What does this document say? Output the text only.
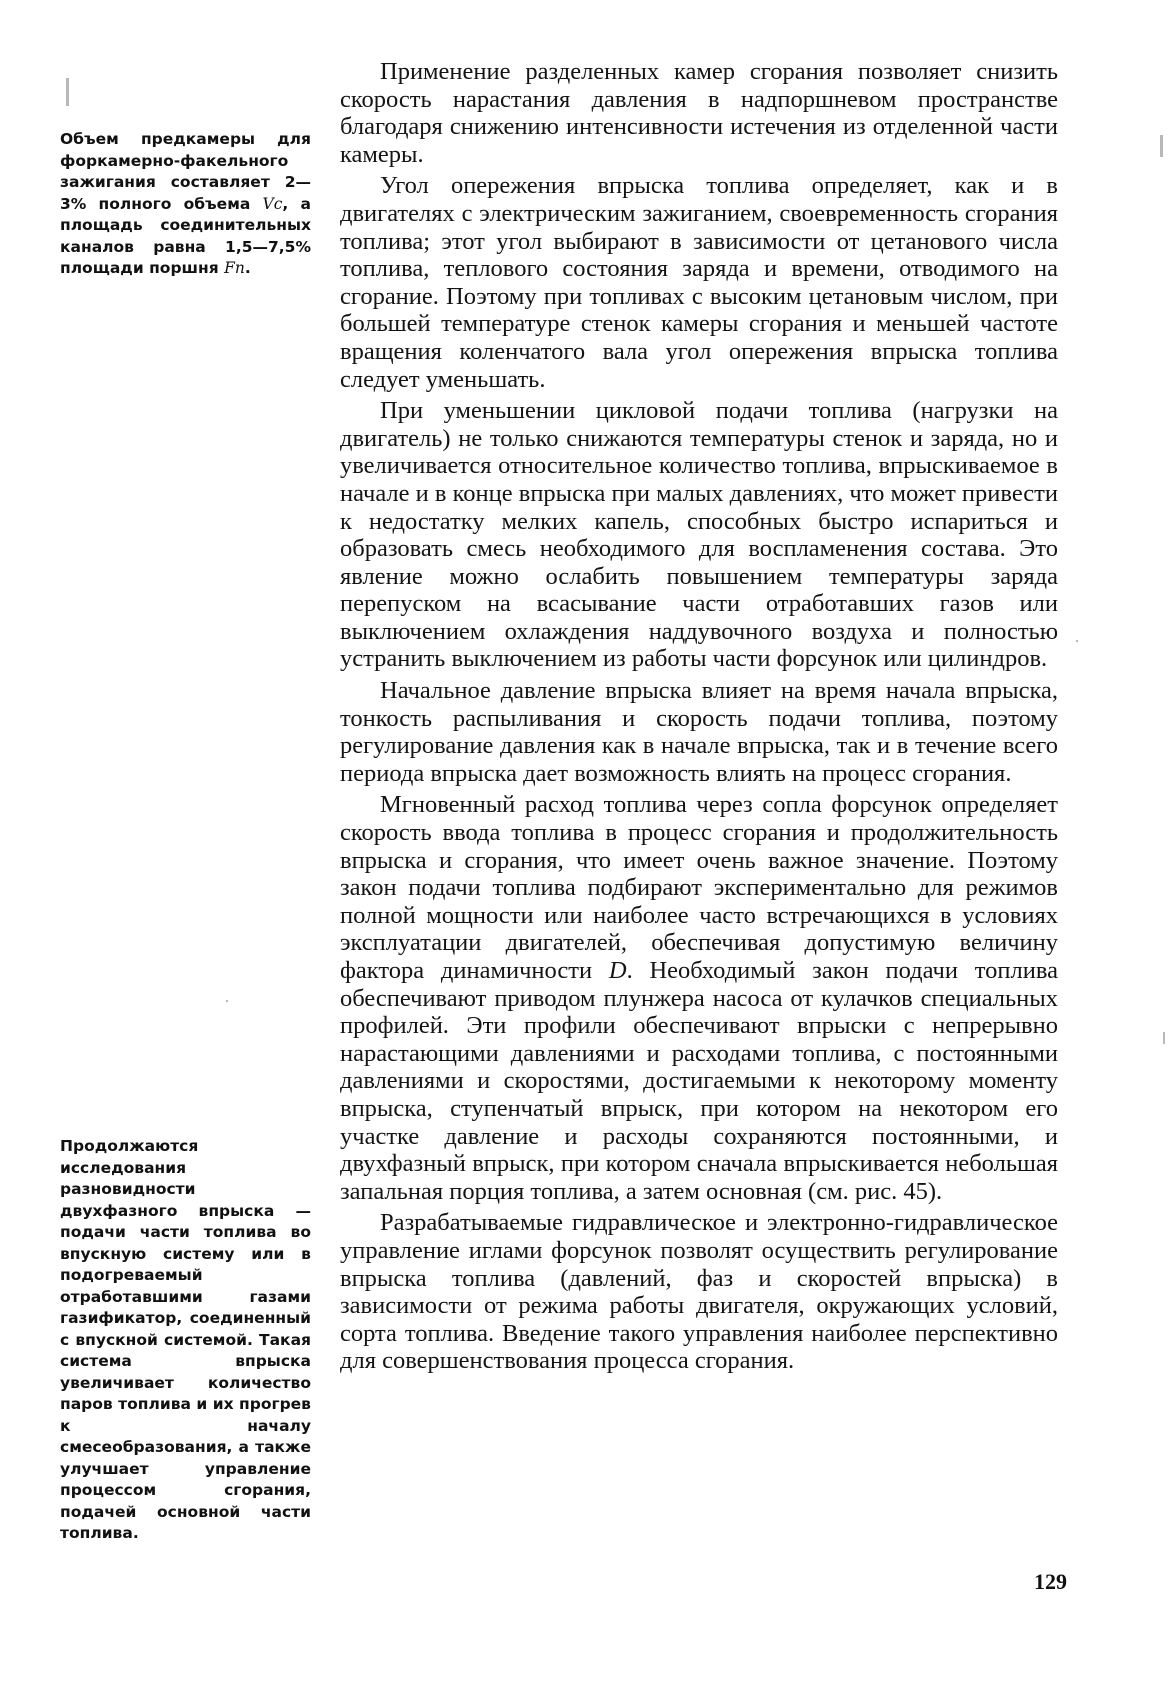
Объем предкамеры для форкамерно-факельного зажигания составляет 2—3% полного объема Vc, а площадь соединительных каналов равна 1,5—7,5% площади поршня Fп.
Продолжаются исследования разновидности двухфазного впрыска — подачи части топлива во впускную систему или в подогреваемый отработавшими газами газификатор, соединенный с впускной системой. Такая система впрыска увеличивает количество паров топлива и их прогрев к началу смесеобразования, а также улучшает управление процессом сгорания, подачей основной части топлива.

Применение разделенных камер сгорания позволяет снизить скорость нарастания давления в надпоршневом пространстве благодаря снижению интенсивности истечения из отделенной части камеры.

Угол опережения впрыска топлива определяет, как и в двигателях с электрическим зажиганием, своевременность сгорания топлива; этот угол выбирают в зависимости от цетанового числа топлива, теплового состояния заряда и времени, отводимого на сгорание. Поэтому при топливах с высоким цетановым числом, при большей температуре стенок камеры сгорания и меньшей частоте вращения коленчатого вала угол опережения впрыска топлива следует уменьшать.

При уменьшении цикловой подачи топлива (нагрузки на двигатель) не только снижаются температуры стенок и заряда, но и увеличивается относительное количество топлива, впрыскиваемое в начале и в конце впрыска при малых давлениях, что может привести к недостатку мелких капель, способных быстро испариться и образовать смесь необходимого для воспламенения состава. Это явление можно ослабить повышением температуры заряда перепуском на всасывание части отработавших газов или выключением охлаждения наддувочного воздуха и полностью устранить выключением из работы части форсунок или цилиндров.

Начальное давление впрыска влияет на время начала впрыска, тонкость распыливания и скорость подачи топлива, поэтому регулирование давления как в начале впрыска, так и в течение всего периода впрыска дает возможность влиять на процесс сгорания.

Мгновенный расход топлива через сопла форсунок определяет скорость ввода топлива в процесс сгорания и продолжительность впрыска и сгорания, что имеет очень важное значение. Поэтому закон подачи топлива подбирают экспериментально для режимов полной мощности или наиболее часто встречающихся в условиях эксплуатации двигателей, обеспечивая допустимую величину фактора динамичности D. Необходимый закон подачи топлива обеспечивают приводом плунжера насоса от кулачков специальных профилей. Эти профили обеспечивают впрыски с непрерывно нарастающими давлениями и расходами топлива, с постоянными давлениями и скоростями, достигаемыми к некоторому моменту впрыска, ступенчатый впрыск, при котором на некотором его участке давление и расходы сохраняются постоянными, и двухфазный впрыск, при котором сначала впрыскивается небольшая запальная порция топлива, а затем основная (см. рис. 45).

Разрабатываемые гидравлическое и электронно-гидравлическое управление иглами форсунок позволят осуществить регулирование впрыска топлива (давлений, фаз и скоростей впрыска) в зависимости от режима работы двигателя, окружающих условий, сорта топлива. Введение такого управления наиболее перспективно для совершенствования процесса сгорания.

129
